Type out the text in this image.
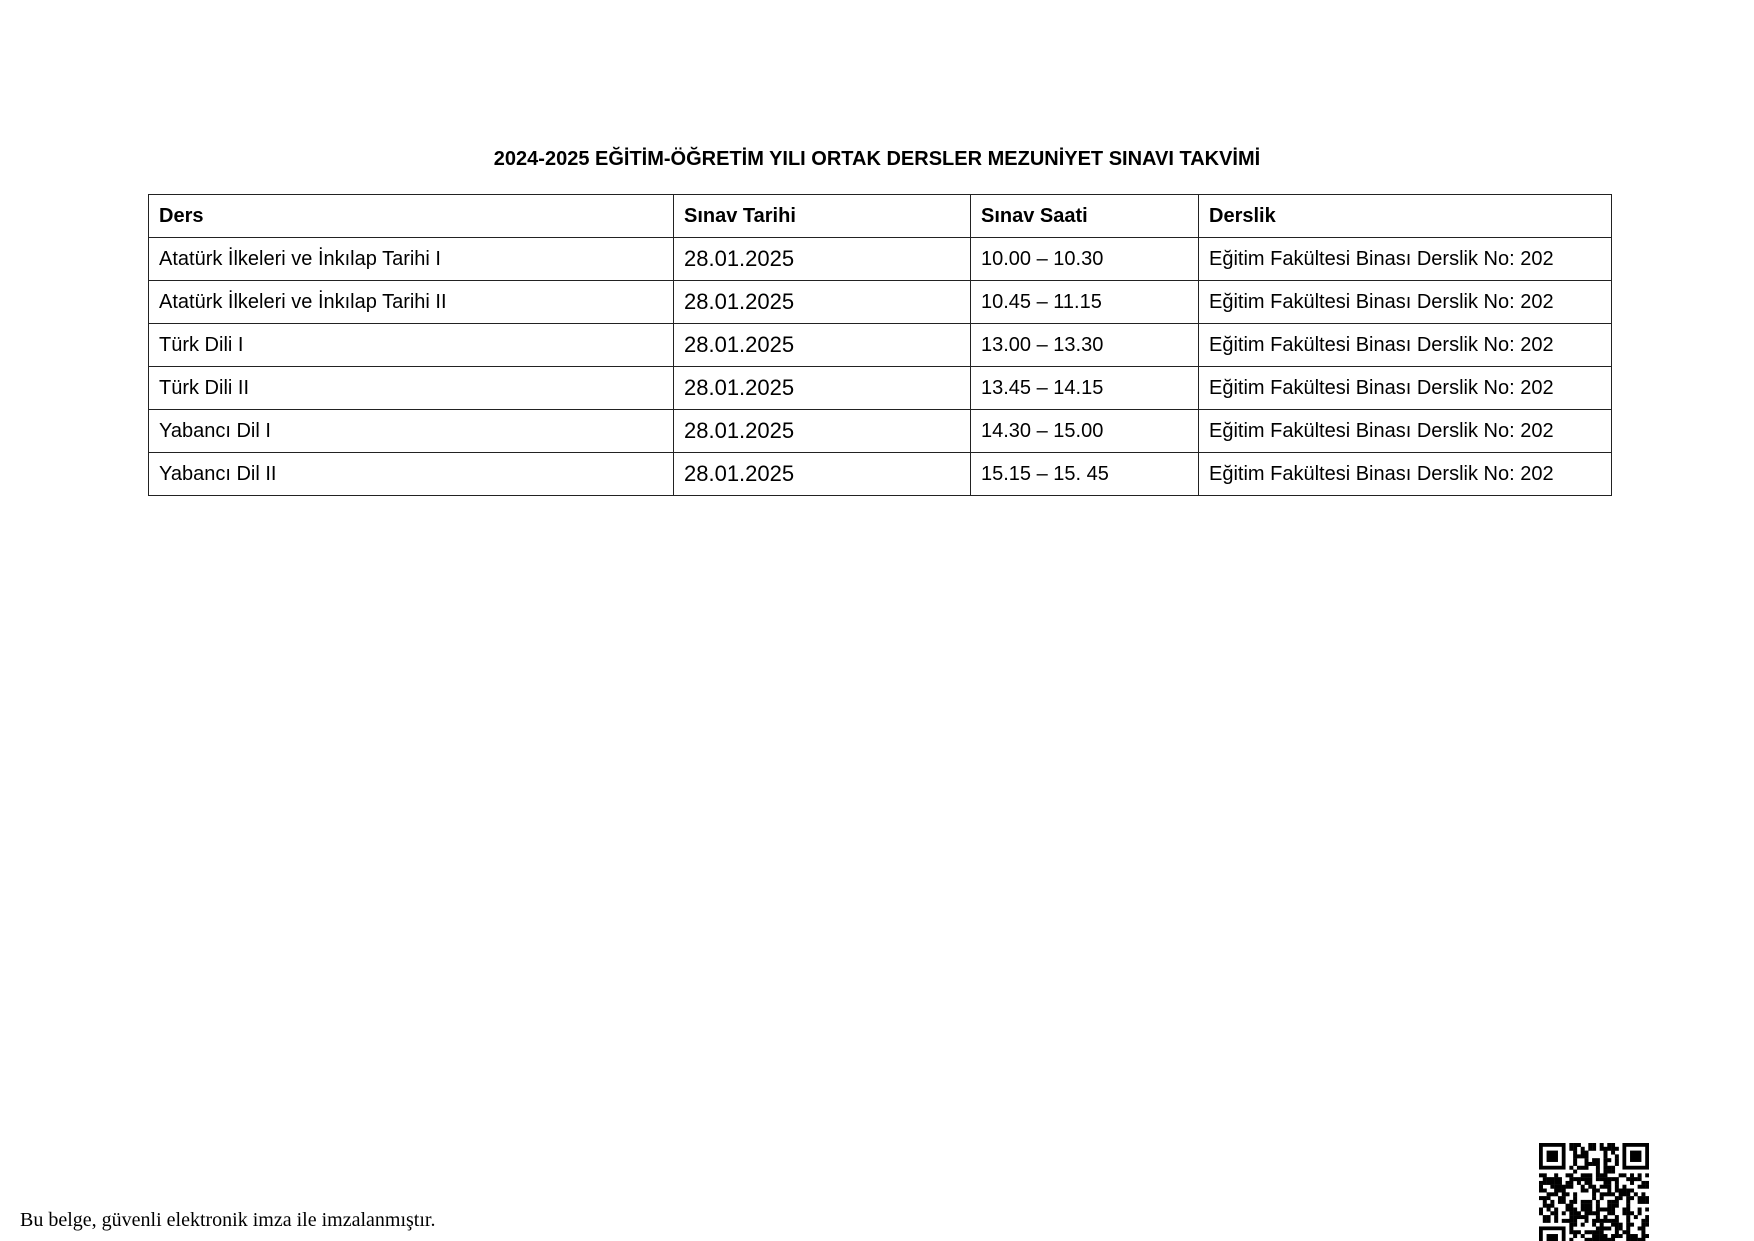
2024-2025 EĞİTİM-ÖĞRETİM YILI ORTAK DERSLER MEZUNİYET SINAVI TAKVİMİ
Ders	Sınav Tarihi	Sınav Saati	Derslik
Atatürk İlkeleri ve İnkılap Tarihi I	28.01.2025	10.00 – 10.30	Eğitim Fakültesi Binası Derslik No: 202
Atatürk İlkeleri ve İnkılap Tarihi II	28.01.2025	10.45 – 11.15	Eğitim Fakültesi Binası Derslik No: 202
Türk Dili I	28.01.2025	13.00 – 13.30	Eğitim Fakültesi Binası Derslik No: 202
Türk Dili II	28.01.2025	13.45 – 14.15	Eğitim Fakültesi Binası Derslik No: 202
Yabancı Dil I	28.01.2025	14.30 – 15.00	Eğitim Fakültesi Binası Derslik No: 202
Yabancı Dil II	28.01.2025	15.15 – 15. 45	Eğitim Fakültesi Binası Derslik No: 202
Bu belge, güvenli elektronik imza ile imzalanmıştır.
